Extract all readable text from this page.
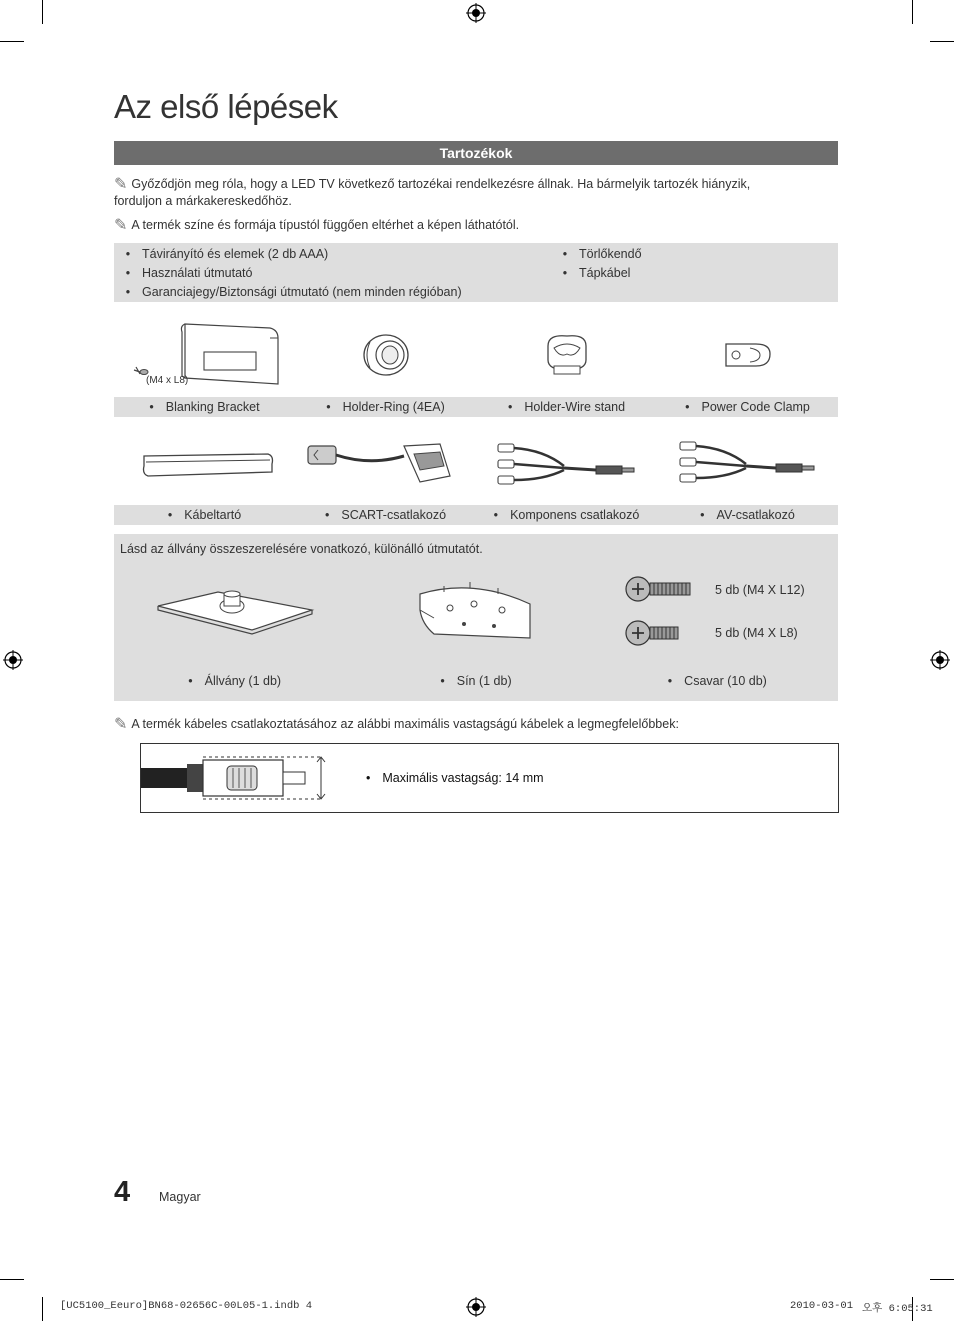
Az első lépések
Tartozékok
✎ Győződjön meg róla, hogy a LED TV következő tartozékai rendelkezésre állnak. Ha bármelyik tartozék hiányzik, forduljon a márkakereskedőhöz.
✎ A termék színe és formája típustól függően eltérhet a képen láthatótól.
• Távirányító és elemek (2 db AAA)
• Használati útmutató
• Garanciajegy/Biztonsági útmutató (nem minden régióban)
• Törlőkendő
• Tápkábel
(M4 x L8)
• Blanking Bracket	• Holder-Ring (4EA)	• Holder-Wire stand	• Power Code Clamp
• Kábeltartó	• SCART-csatlakozó	• Komponens csatlakozó	• AV-csatlakozó
Lásd az állvány összeszerelésére vonatkozó, különálló útmutatót.
5 db (M4 X L12)
5 db (M4 X L8)
• Állvány (1 db)	• Sín (1 db)	• Csavar (10 db)
✎ A termék kábeles csatlakoztatásához az alábbi maximális vastagságú kábelek a legmegfelelőbbek:
• Maximális vastagság: 14 mm
4 Magyar
[UC5100_Eeuro]BN68-02656C-00L05-1.indb 4	2010-03-01 오후 6:05:31
